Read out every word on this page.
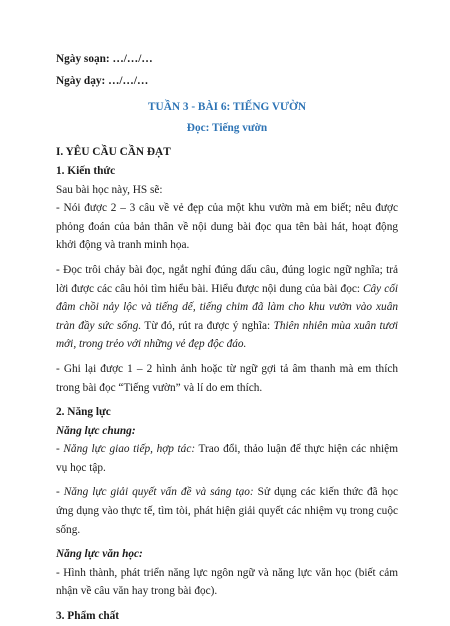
Ngày soạn: …/…/…

Ngày dạy: …/…/…

TUẦN 3 - BÀI 6: TIẾNG VƯỜN

Đọc: Tiếng vườn

I. YÊU CẦU CẦN ĐẠT

1. Kiến thức

Sau bài học này, HS sẽ:

- Nói được 2 – 3 câu về vẻ đẹp của một khu vườn mà em biết; nêu được phỏng đoán của bản thân về nội dung bài đọc qua tên bài hát, hoạt động khởi động và tranh minh họa.

- Đọc trôi chảy bài đọc, ngắt nghỉ đúng dấu câu, đúng logic ngữ nghĩa; trả lời được các câu hỏi tìm hiểu bài. Hiểu được nội dung của bài đọc: Cây cối đâm chồi nảy lộc và tiếng dế, tiếng chim đã làm cho khu vườn vào xuân tràn đầy sức sống. Từ đó, rút ra được ý nghĩa: Thiên nhiên mùa xuân tươi mới, trong trẻo với những vẻ đẹp độc đáo.

- Ghi lại được 1 – 2 hình ảnh hoặc từ ngữ gợi tả âm thanh mà em thích trong bài đọc “Tiếng vườn” và lí do em thích.

2. Năng lực

Năng lực chung:

- Năng lực giao tiếp, hợp tác: Trao đổi, thảo luận để thực hiện các nhiệm vụ học tập.

- Năng lực giải quyết vấn đề và sáng tạo: Sử dụng các kiến thức đã học ứng dụng vào thực tế, tìm tòi, phát hiện giải quyết các nhiệm vụ trong cuộc sống.

Năng lực văn học:

- Hình thành, phát triển năng lực ngôn ngữ và năng lực văn học (biết cảm nhận về câu văn hay trong bài đọc).

3. Phẩm chất
